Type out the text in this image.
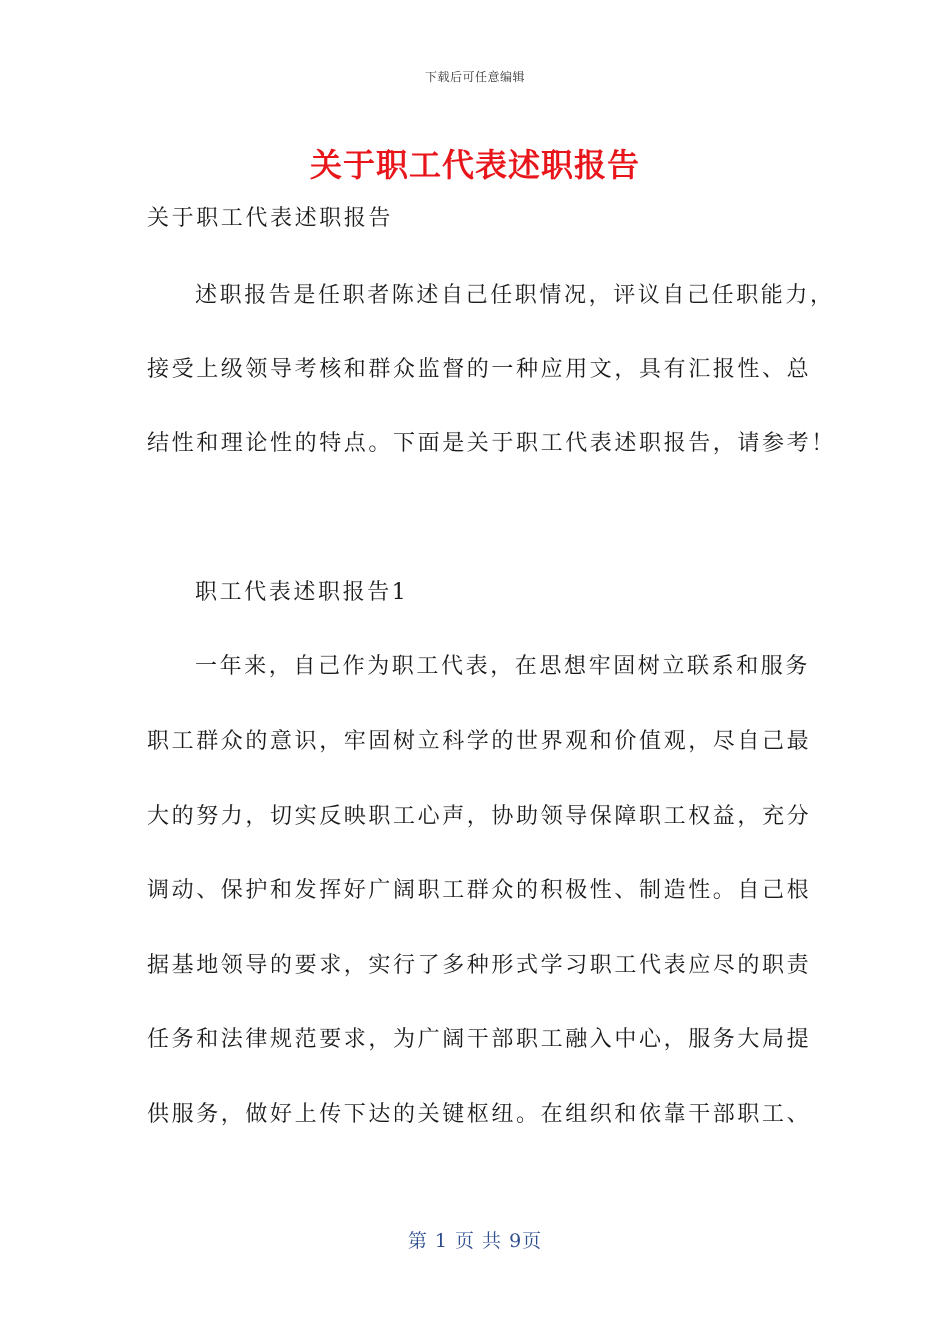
下载后可任意编辑
关于职工代表述职报告
关于职工代表述职报告
述职报告是任职者陈述自己任职情况，评议自己任职能力，
接受上级领导考核和群众监督的一种应用文，具有汇报性、总
结性和理论性的特点。下面是关于职工代表述职报告，请参考！
职工代表述职报告1
一年来，自己作为职工代表，在思想牢固树立联系和服务
职工群众的意识，牢固树立科学的世界观和价值观，尽自己最
大的努力，切实反映职工心声，协助领导保障职工权益，充分
调动、保护和发挥好广阔职工群众的积极性、制造性。自己根
据基地领导的要求，实行了多种形式学习职工代表应尽的职责
任务和法律规范要求，为广阔干部职工融入中心，服务大局提
供服务，做好上传下达的关键枢纽。在组织和依靠干部职工、
第 1 页 共 9页
